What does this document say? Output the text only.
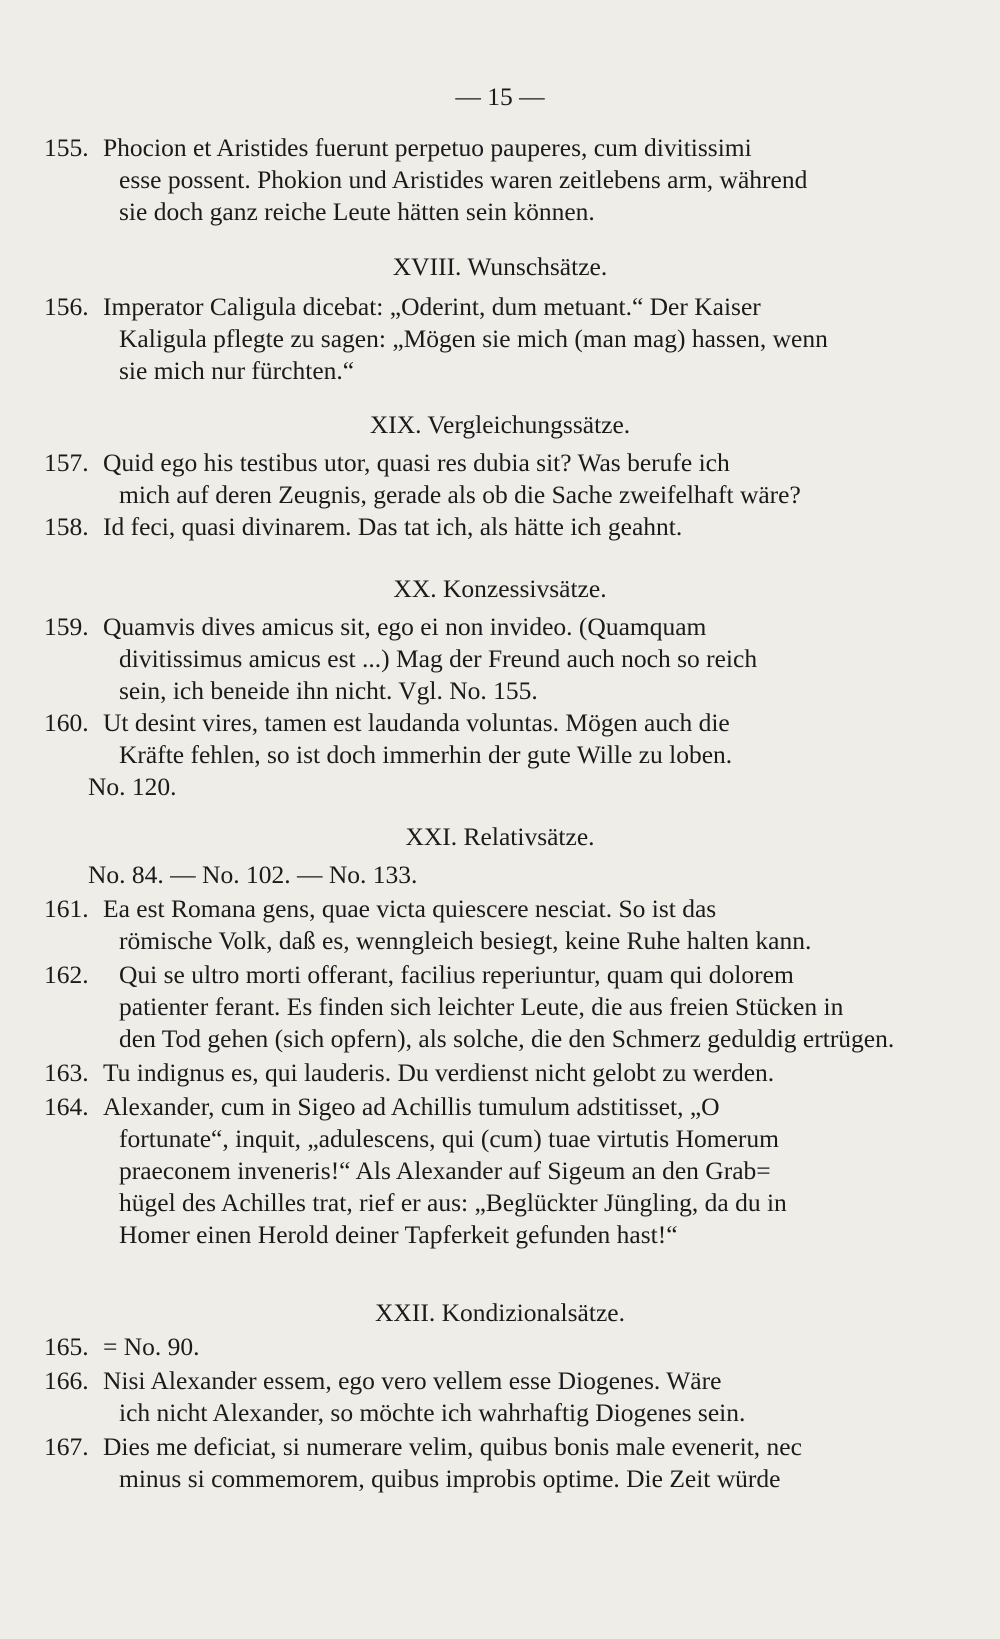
— 15 —
155. Phocion et Aristides fuerunt perpetuo pauperes, cum divitissimi
esse possent. Phokion und Aristides waren zeitlebens arm, während
sie doch ganz reiche Leute hätten sein können.
XVIII. Wunschsätze.
156. Imperator Caligula dicebat: „Oderint, dum metuant.“ Der Kaiser
Kaligula pflegte zu sagen: „Mögen sie mich (man mag) hassen, wenn
sie mich nur fürchten.“
XIX. Vergleichungssätze.
157. Quid ego his testibus utor, quasi res dubia sit? Was berufe ich
mich auf deren Zeugnis, gerade als ob die Sache zweifelhaft wäre?
158. Id feci, quasi divinarem. Das tat ich, als hätte ich geahnt.
XX. Konzessivsätze.
159. Quamvis dives amicus sit, ego ei non invideo. (Quamquam
divitissimus amicus est ...) Mag der Freund auch noch so reich
sein, ich beneide ihn nicht. Vgl. No. 155.
160. Ut desint vires, tamen est laudanda voluntas. Mögen auch die
Kräfte fehlen, so ist doch immerhin der gute Wille zu loben.
No. 120.
XXI. Relativsätze.
No. 84. — No. 102. — No. 133.
161. Ea est Romana gens, quae victa quiescere nesciat. So ist das
römische Volk, daß es, wenngleich besiegt, keine Ruhe halten kann.
162. Qui se ultro morti offerant, facilius reperiuntur, quam qui dolorem
patienter ferant. Es finden sich leichter Leute, die aus freien Stücken in
den Tod gehen (sich opfern), als solche, die den Schmerz geduldig ertrügen.
163. Tu indignus es, qui lauderis. Du verdienst nicht gelobt zu werden.
164. Alexander, cum in Sigeo ad Achillis tumulum adstitisset, „O
fortunate“, inquit, „adulescens, qui (cum) tuae virtutis Homerum
praeconem inveneris!“ Als Alexander auf Sigeum an den Grab=
hügel des Achilles trat, rief er aus: „Beglückter Jüngling, da du in
Homer einen Herold deiner Tapferkeit gefunden hast!“
XXII. Kondizionalsätze.
165. = No. 90.
166. Nisi Alexander essem, ego vero vellem esse Diogenes. Wäre
ich nicht Alexander, so möchte ich wahrhaftig Diogenes sein.
167. Dies me deficiat, si numerare velim, quibus bonis male evenerit, nec
minus si commemorem, quibus improbis optime. Die Zeit würde
